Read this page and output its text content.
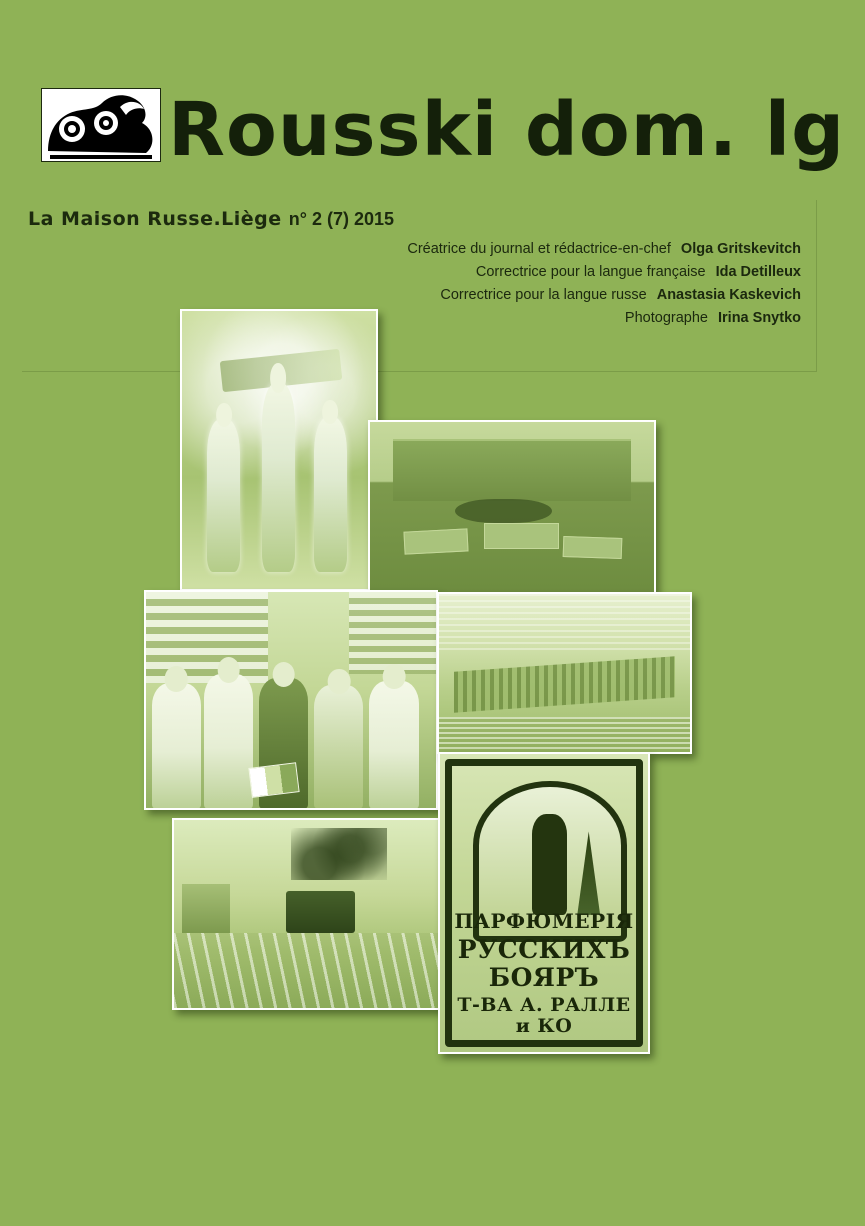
Rousski dom. lg
La Maison Russe.Liège n° 2 (7) 2015
Créatrice du journal et rédactrice-en-chef Olga Gritskevitch
Correctrice pour la langue française Ida Detilleux
Correctrice pour la langue russe Anastasia Kaskevich
Photographe Irina Snytko
ПАРФЮМЕРІЯ
РУССКИХЪ БОЯРЪ
Т-ВА А. РАЛЛЕ и КО
